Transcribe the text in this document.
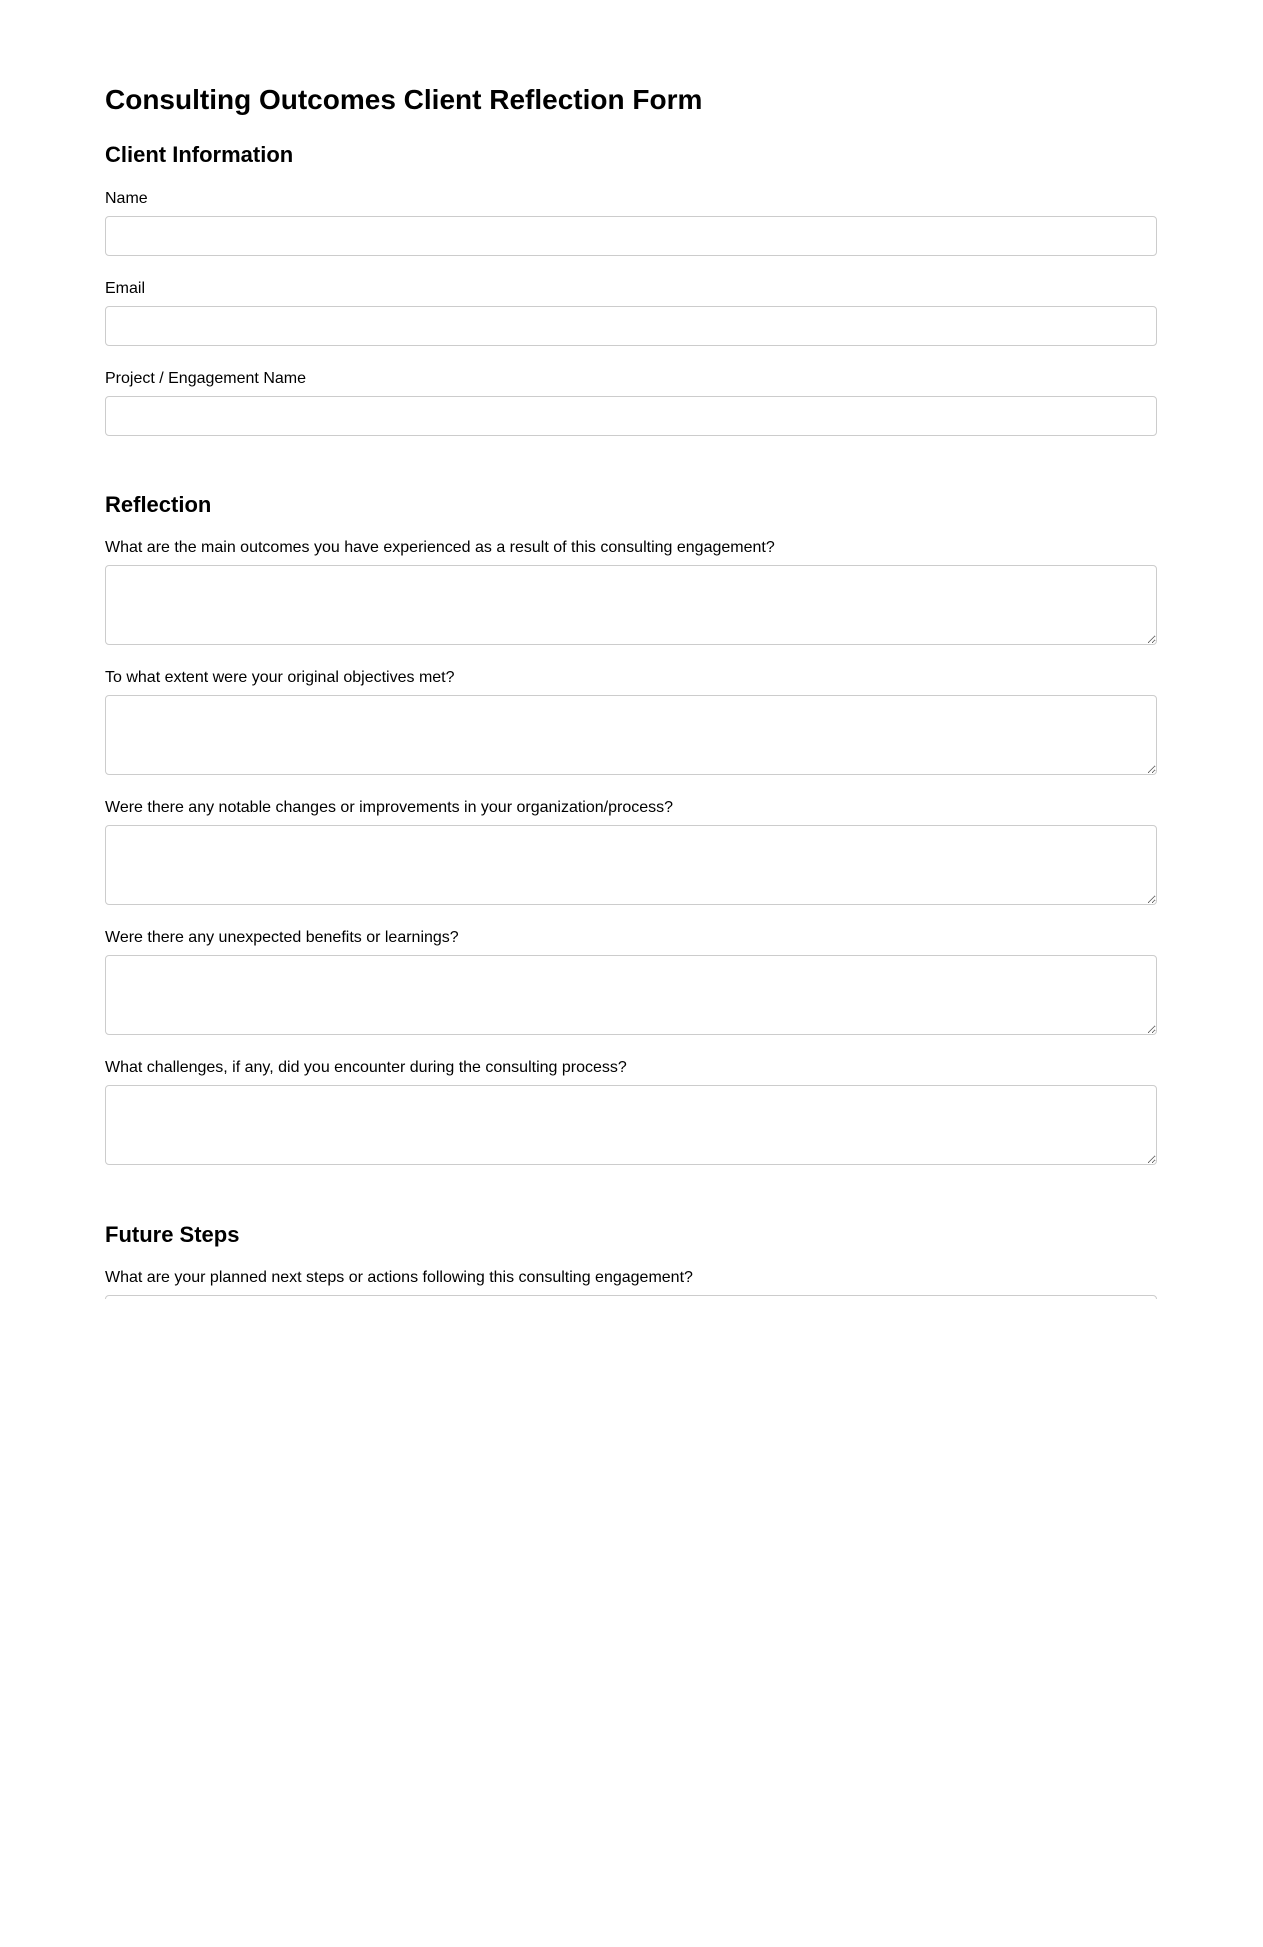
Consulting Outcomes Client Reflection Form
Client Information
Name
Email
Project / Engagement Name
Reflection
What are the main outcomes you have experienced as a result of this consulting engagement?
To what extent were your original objectives met?
Were there any notable changes or improvements in your organization/process?
Were there any unexpected benefits or learnings?
What challenges, if any, did you encounter during the consulting process?
Future Steps
What are your planned next steps or actions following this consulting engagement?
